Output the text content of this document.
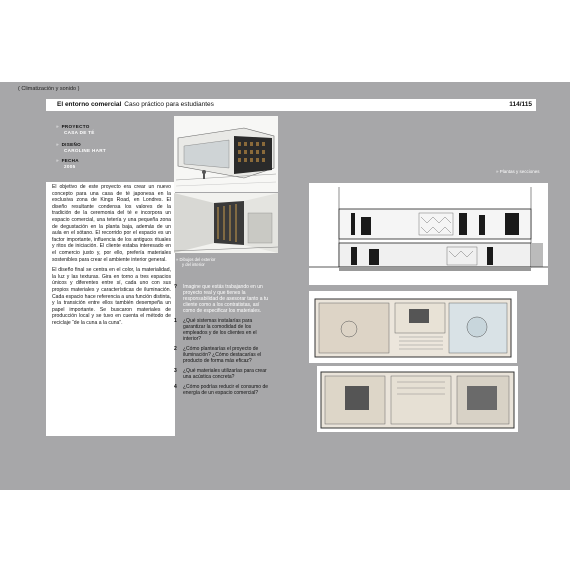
( Climatización y sonido )
El entorno comercial Caso práctico para estudiantes	114/115
» PROYECTO
CASA DE TÉ
» DISEÑO
CAROLINE HART
» FECHA
2005

El objetivo de este proyecto era crear un nuevo concepto para una casa de té japonesa en la exclusiva zona de Kings Road, en Londres. El diseño resultante condensa los valores de la tradición de la ceremonia del té e incorpora un espacio comercial, una tetería y una pequeña zona de degustación en la planta baja, además de un aula en el sótano. El recorrido por el espacio es un factor importante, influencia de los antiguos rituales y ritos de iniciación. El cliente estaba interesado en el comercio justo y, por ello, prefería materiales sostenibles para crear el ambiente interior general.

El diseño final se centra en el color, la materialidad, la luz y las texturas. Gira en torno a tres espacios únicos y diferentes entre sí, cada uno con sus propios materiales y características de iluminación. Cada espacio hace referencia a una función distinta, y la transición entre ellos también desempeña un papel importante. Se buscaron materiales de producción local y se tuvo en cuenta el método de reciclaje “de la cuna a la cuna”.

» Dibujos del exterior
y del interior
?	Imagine que estás trabajando en un proyecto real y que tienes la responsabilidad de asesorar tanto a tu cliente como a los contratistas, así como de especificar los materiales.
1	¿Qué sistemas instalarías para garantizar la comodidad de los empleados y de los clientes en el interior?
2	¿Cómo plantearías el proyecto de iluminación? ¿Cómo destacarías el producto de forma más eficaz?
3	¿Qué materiales utilizarías para crear una acústica concreta?
4	¿Cómo podrías reducir el consumo de energía de un espacio comercial?
» Plantas y secciones
